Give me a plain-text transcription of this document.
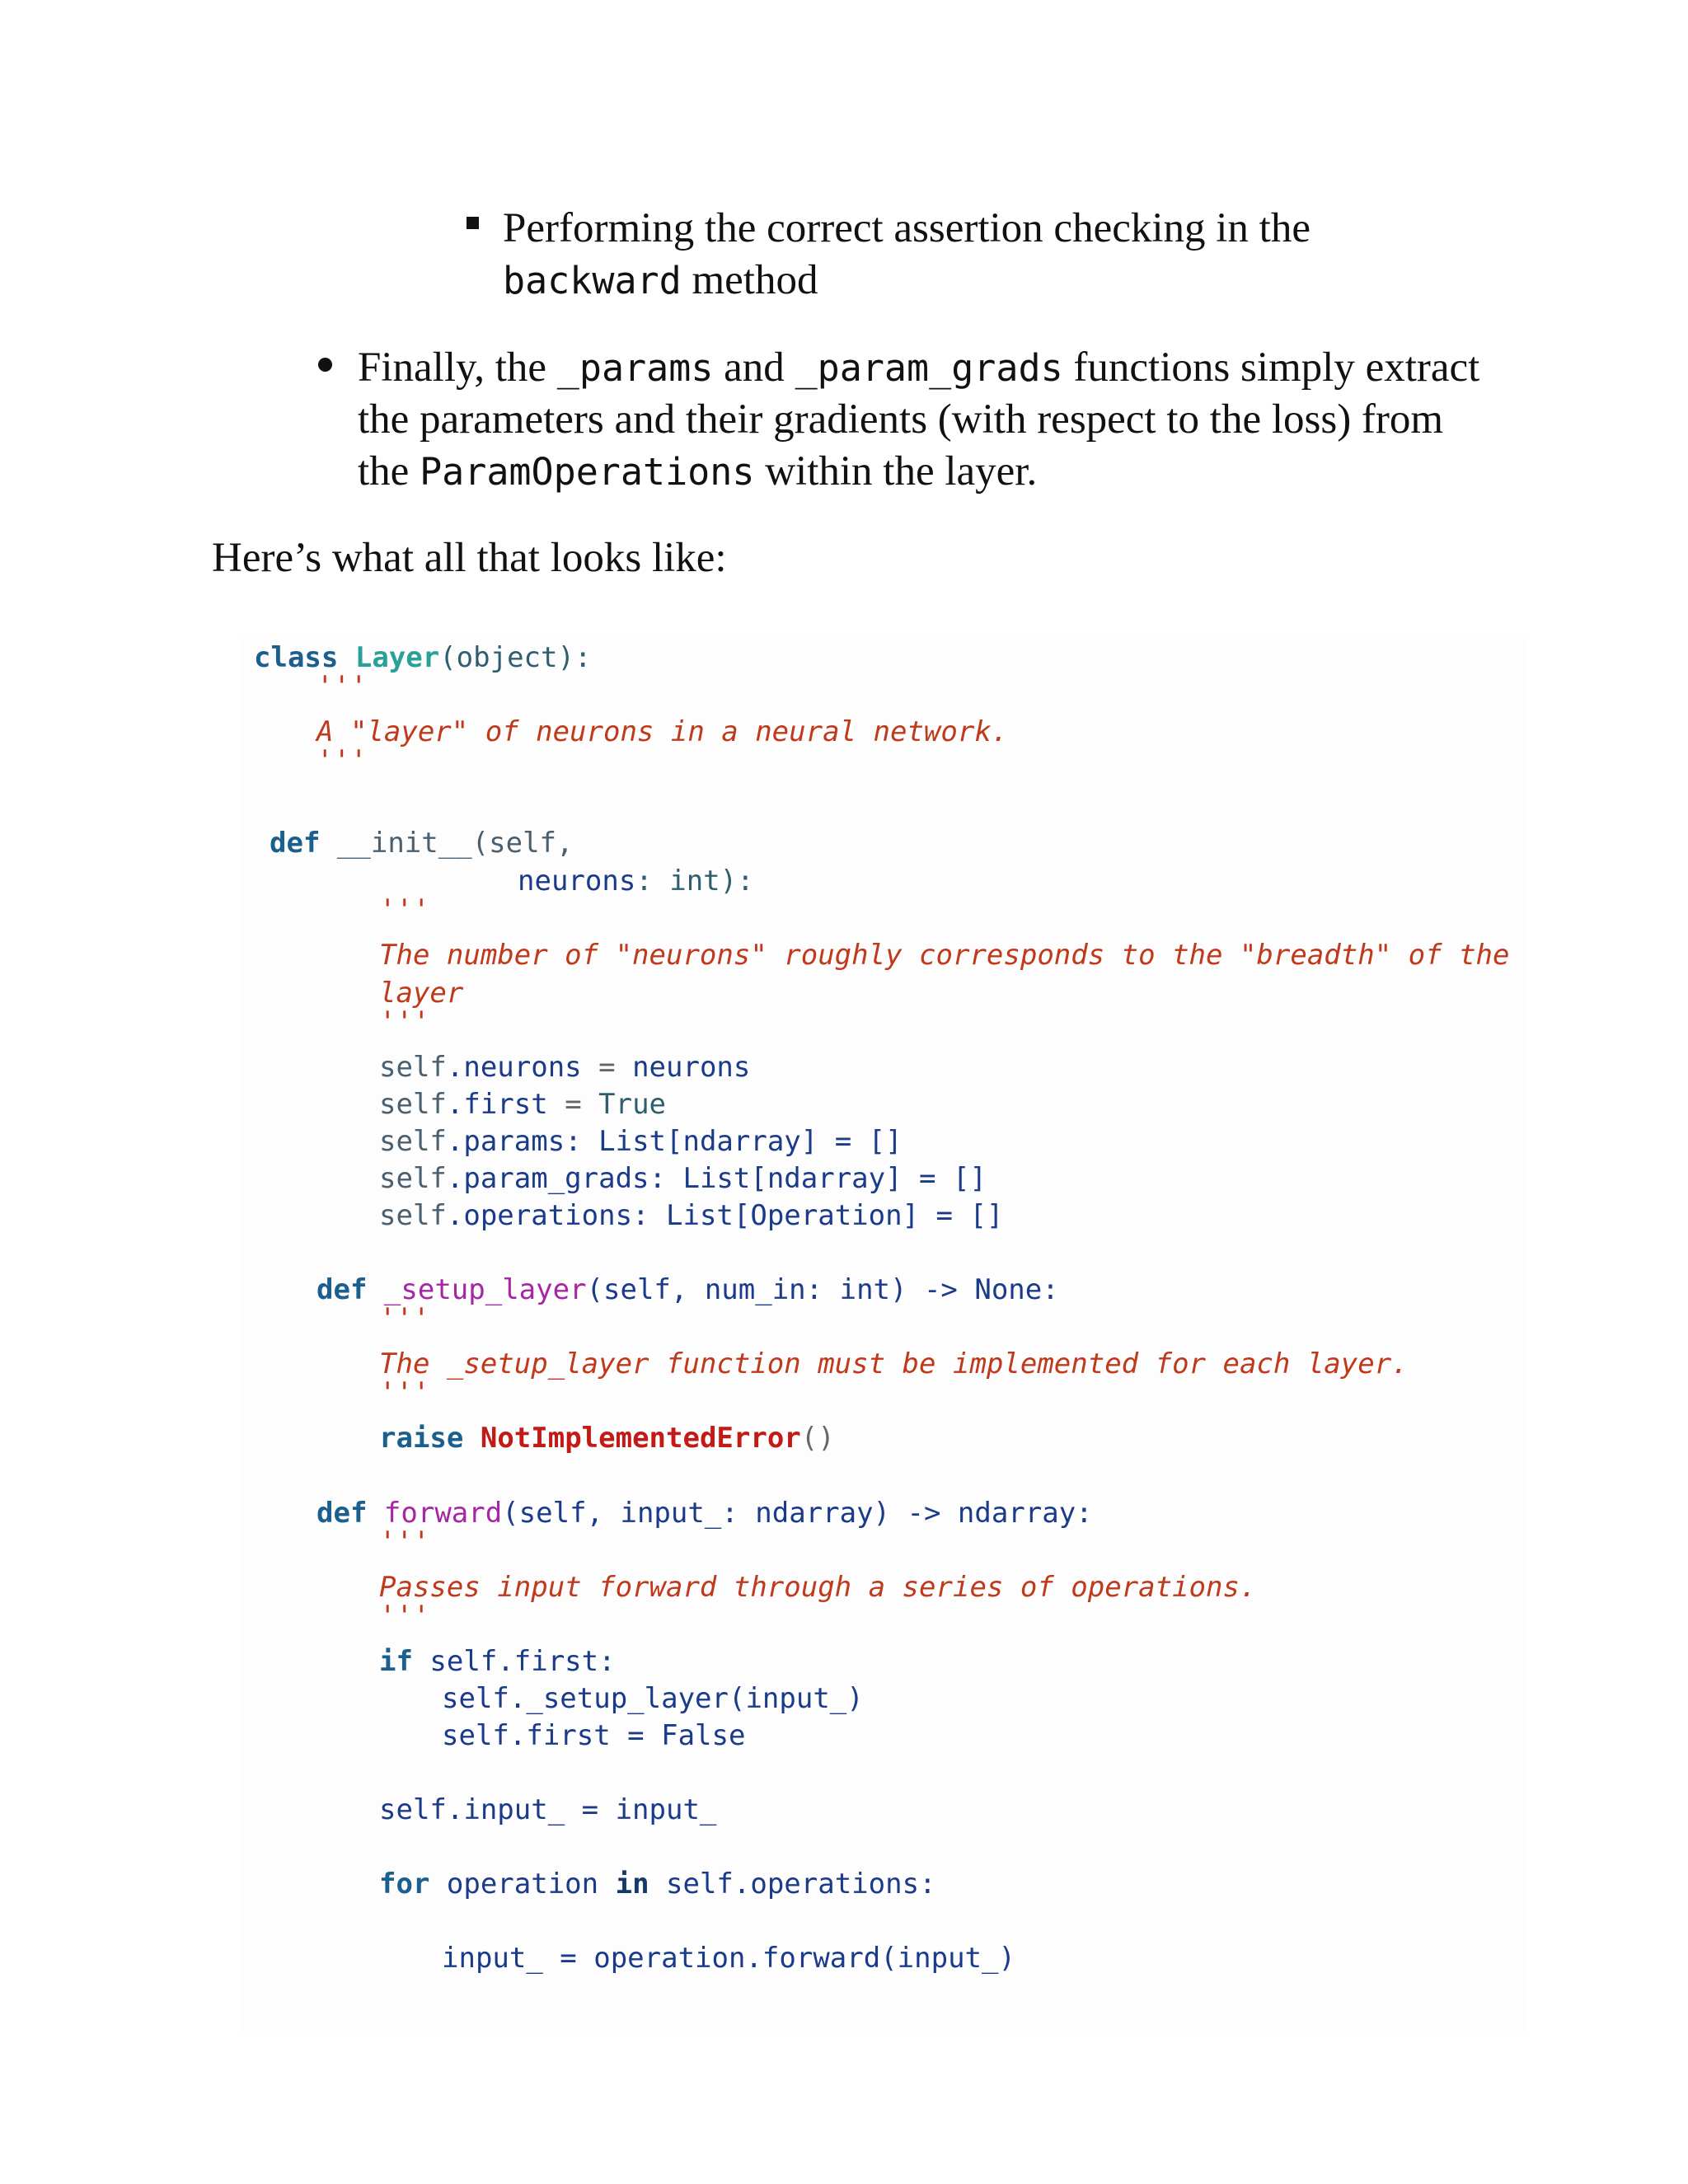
Performing the correct assertion checking in the backward method
Finally, the _params and _param_grads functions simply extract the parameters and their gradients (with respect to the loss) from the ParamOperations within the layer.
Here’s what all that looks like:
class Layer(object):
'''
A "layer" of neurons in a neural network.
'''
def __init__(self,
neurons: int):
'''
The number of "neurons" roughly corresponds to the "breadth" of the
layer
'''
self.neurons = neurons
self.first = True
self.params: List[ndarray] = []
self.param_grads: List[ndarray] = []
self.operations: List[Operation] = []
def _setup_layer(self, num_in: int) -> None:
'''
The _setup_layer function must be implemented for each layer.
'''
raise NotImplementedError()
def forward(self, input_: ndarray) -> ndarray:
'''
Passes input forward through a series of operations.
'''
if self.first:
self._setup_layer(input_)
self.first = False
self.input_ = input_
for operation in self.operations:
input_ = operation.forward(input_)
